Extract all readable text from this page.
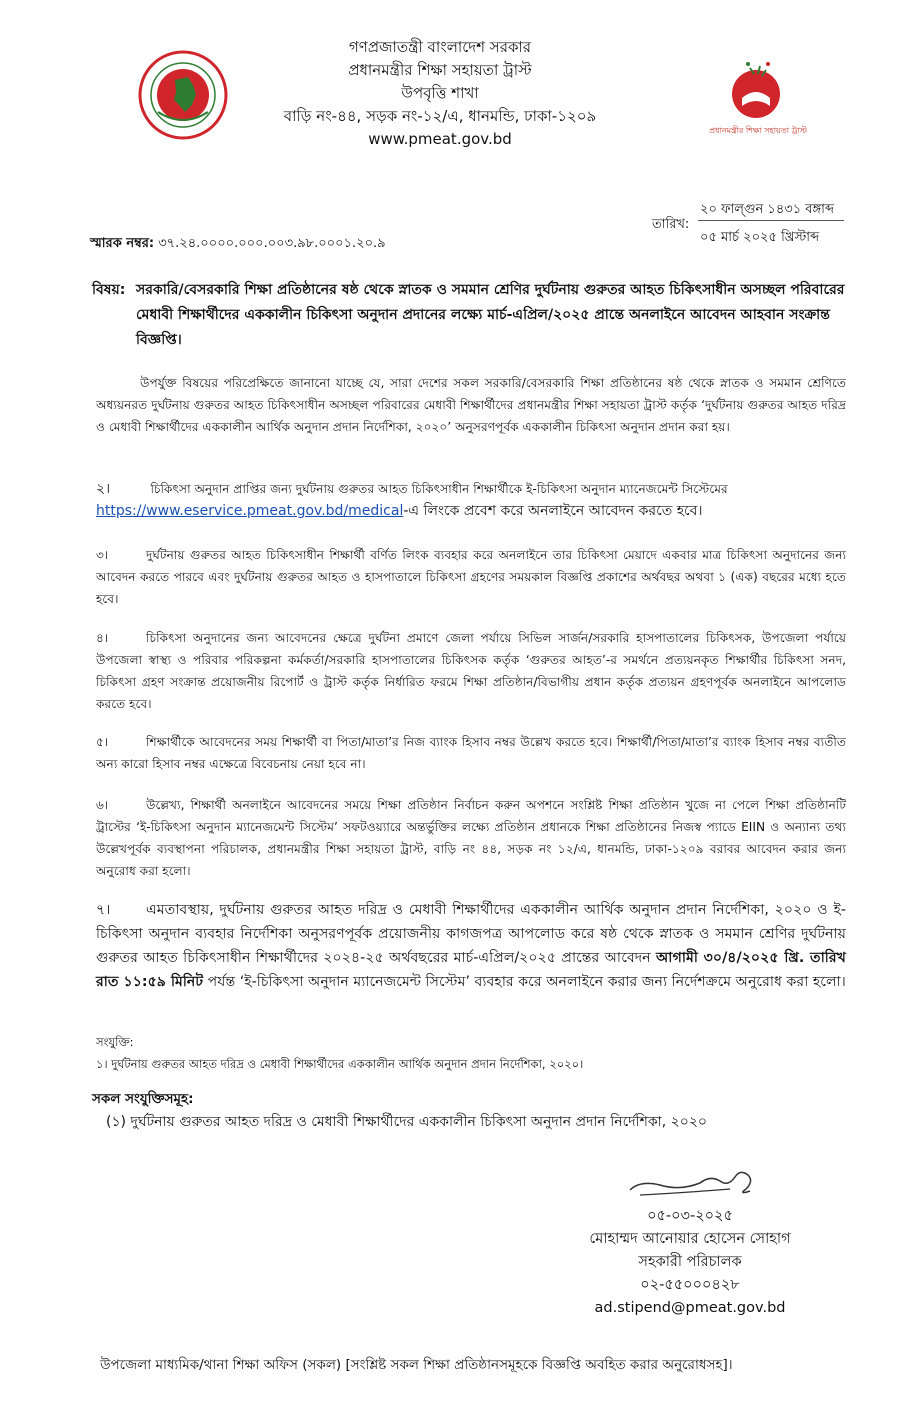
গণপ্রজাতন্ত্রী বাংলাদেশ সরকার
প্রধানমন্ত্রীর শিক্ষা সহায়তা ট্রাস্ট
উপবৃত্তি শাখা
বাড়ি নং-৪৪, সড়ক নং-১২/এ, ধানমন্ডি, ঢাকা-১২০৯
www.pmeat.gov.bd	প্রধানমন্ত্রীর শিক্ষা সহায়তা ট্রাস্ট
তারিখ:
২০ ফাল্গুন ১৪৩১ বঙ্গাব্দ
০৫ মার্চ ২০২৫ খ্রিস্টাব্দ
স্মারক নম্বর: ৩৭.২৪.০০০০.০০০.০০৩.৯৮.০০০১.২০.৯
বিষয়: সরকারি/বেসরকারি শিক্ষা প্রতিষ্ঠানের ষষ্ঠ থেকে স্নাতক ও সমমান শ্রেণির দুর্ঘটনায় গুরুতর আহত চিকিৎসাধীন অসচ্ছল পরিবারের মেধাবী শিক্ষার্থীদের এককালীন চিকিৎসা অনুদান প্রদানের লক্ষ্যে মার্চ-এপ্রিল/২০২৫ প্রান্তে অনলাইনে আবেদন আহবান সংক্রান্ত বিজ্ঞপ্তি।
উপর্যুক্ত বিষয়ের পরিপ্রেক্ষিতে জানানো যাচ্ছে যে, সারা দেশের সকল সরকারি/বেসরকারি শিক্ষা প্রতিষ্ঠানের ষষ্ঠ থেকে স্নাতক ও সমমান শ্রেণিতে অধ্যয়নরত দুর্ঘটনায় গুরুতর আহত চিকিৎসাধীন অসচ্ছল পরিবারের মেধাবী শিক্ষার্থীদের প্রধানমন্ত্রীর শিক্ষা সহায়তা ট্রাস্ট কর্তৃক ‘দুর্ঘটনায় গুরুতর আহত দরিদ্র ও মেধাবী শিক্ষার্থীদের এককালীন আর্থিক অনুদান প্রদান নির্দেশিকা, ২০২০’ অনুসরণপূর্বক এককালীন চিকিৎসা অনুদান প্রদান করা হয়।
২।	চিকিৎসা অনুদান প্রাপ্তির জন্য দুর্ঘটনায় গুরুতর আহত চিকিৎসাধীন শিক্ষার্থীকে ই-চিকিৎসা অনুদান ম্যানেজমেন্ট সিস্টেমের
https://www.eservice.pmeat.gov.bd/medical-এ লিংকে প্রবেশ করে অনলাইনে আবেদন করতে হবে।
৩।	দুর্ঘটনায় গুরুতর আহত চিকিৎসাধীন শিক্ষার্থী বর্ণিত লিংক ব্যবহার করে অনলাইনে তার চিকিৎসা মেয়াদে একবার মাত্র চিকিৎসা অনুদানের জন্য আবেদন করতে পারবে এবং দুর্ঘটনায় গুরুতর আহত ও হাসপাতালে চিকিৎসা গ্রহণের সময়কাল বিজ্ঞপ্তি প্রকাশের অর্থবছর অথবা ১ (এক) বছরের মধ্যে হতে হবে।
৪।	চিকিৎসা অনুদানের জন্য আবেদনের ক্ষেত্রে দুর্ঘটনা প্রমাণে জেলা পর্যায়ে সিভিল সার্জন/সরকারি হাসপাতালের চিকিৎসক, উপজেলা পর্যায়ে উপজেলা স্বাস্থ্য ও পরিবার পরিকল্পনা কর্মকর্তা/সরকারি হাসপাতালের চিকিৎসক কর্তৃক ‘গুরুতর আহত’-র সমর্থনে প্রত্যয়নকৃত শিক্ষার্থীর চিকিৎসা সনদ, চিকিৎসা গ্রহণ সংক্রান্ত প্রয়োজনীয় রিপোর্ট ও ট্রাস্ট কর্তৃক নির্ধারিত ফরমে শিক্ষা প্রতিষ্ঠান/বিভাগীয় প্রধান কর্তৃক প্রত্যয়ন গ্রহণপূর্বক অনলাইনে আপলোড করতে হবে।
৫।	শিক্ষার্থীকে আবেদনের সময় শিক্ষার্থী বা পিতা/মাতা’র নিজ ব্যাংক হিসাব নম্বর উল্লেখ করতে হবে। শিক্ষার্থী/পিতা/মাতা’র ব্যাংক হিসাব নম্বর ব্যতীত অন্য কারো হিসাব নম্বর এক্ষেত্রে বিবেচনায় নেয়া হবে না।
৬।	উল্লেখ্য, শিক্ষার্থী অনলাইনে আবেদনের সময়ে শিক্ষা প্রতিষ্ঠান নির্বাচন করুন অপশনে সংশ্লিষ্ট শিক্ষা প্রতিষ্ঠান খুজে না পেলে শিক্ষা প্রতিষ্ঠানটি ট্রাস্টের ‘ই-চিকিৎসা অনুদান ম্যানেজমেন্ট সিস্টেম’ সফটওয়্যারে অন্তর্ভুক্তির লক্ষ্যে প্রতিষ্ঠান প্রধানকে শিক্ষা প্রতিষ্ঠানের নিজস্ব প্যাডে EIIN ও অন্যান্য তথ্য উল্লেখপূর্বক ব্যবস্থাপনা পরিচালক, প্রধানমন্ত্রীর শিক্ষা সহায়তা ট্রাস্ট, বাড়ি নং ৪৪, সড়ক নং ১২/এ, ধানমন্ডি, ঢাকা-১২০৯ বরাবর আবেদন করার জন্য অনুরোধ করা হলো।
৭।	এমতাবস্থায়, দুর্ঘটনায় গুরুতর আহত দরিদ্র ও মেধাবী শিক্ষার্থীদের এককালীন আর্থিক অনুদান প্রদান নির্দেশিকা, ২০২০ ও ই-চিকিৎসা অনুদান ব্যবহার নির্দেশিকা অনুসরণপূর্বক প্রয়োজনীয় কাগজপত্র আপলোড করে ষষ্ঠ থেকে স্নাতক ও সমমান শ্রেণির দুর্ঘটনায় গুরুতর আহত চিকিৎসাধীন শিক্ষার্থীদের ২০২৪-২৫ অর্থবছরের মার্চ-এপ্রিল/২০২৫ প্রান্তের আবেদন আগামী ৩০/৪/২০২৫ খ্রি. তারিখ রাত ১১:৫৯ মিনিট পর্যন্ত ‘ই-চিকিৎসা অনুদান ম্যানেজমেন্ট সিস্টেম’ ব্যবহার করে অনলাইনে করার জন্য নির্দেশক্রমে অনুরোধ করা হলো।
সংযুক্তি:
১। দুর্ঘটনায় গুরুতর আহত দরিদ্র ও মেধাবী শিক্ষার্থীদের এককালীন আর্থিক অনুদান প্রদান নির্দেশিকা, ২০২০।
সকল সংযুক্তিসমূহ:
(১) দুর্ঘটনায় গুরুতর আহত দরিদ্র ও মেধাবী শিক্ষার্থীদের এককালীন চিকিৎসা অনুদান প্রদান নির্দেশিকা, ২০২০
০৫-০৩-২০২৫
মোহাম্মদ আনোয়ার হোসেন সোহাগ
সহকারী পরিচালক
০২-৫৫০০০৪২৮
ad.stipend@pmeat.gov.bd
উপজেলা মাধ্যমিক/থানা শিক্ষা অফিস (সকল) [সংশ্লিষ্ট সকল শিক্ষা প্রতিষ্ঠানসমূহকে বিজ্ঞপ্তি অবহিত করার অনুরোধসহ]।
